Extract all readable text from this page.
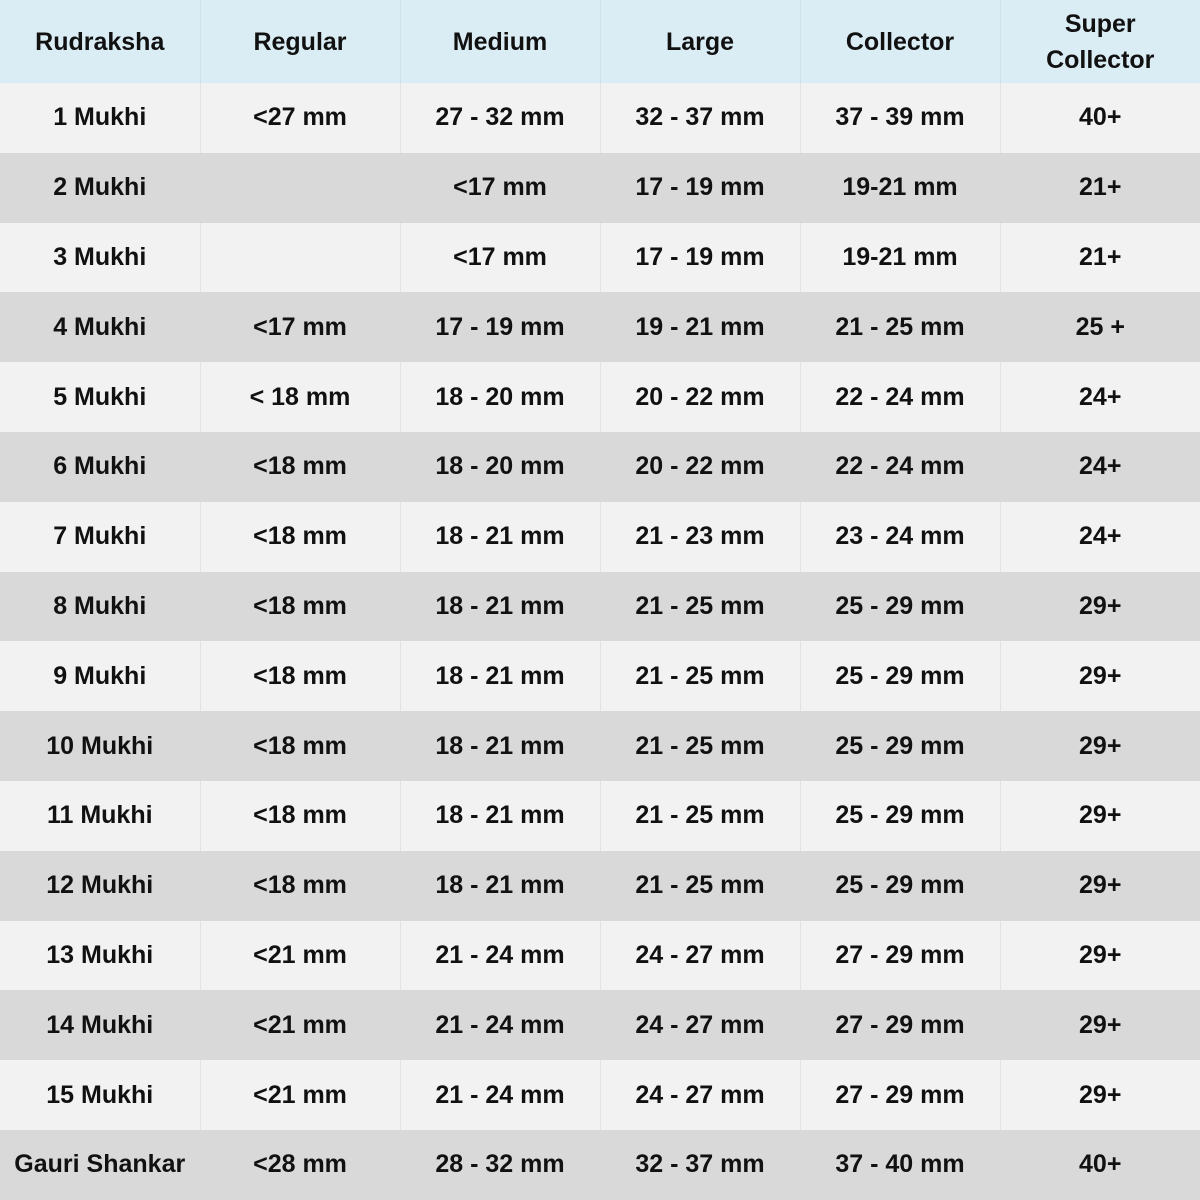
Rudraksha	Regular	Medium	Large	Collector	Super Collector
1 Mukhi	<27 mm	27 - 32 mm	32 - 37 mm	37 - 39 mm	40+
2 Mukhi		<17 mm	17 - 19 mm	19-21 mm	21+
3 Mukhi		<17 mm	17 - 19 mm	19-21 mm	21+
4 Mukhi	<17 mm	17 - 19 mm	19 - 21 mm	21 - 25 mm	25 +
5 Mukhi	< 18 mm	18 - 20 mm	20 - 22 mm	22 - 24 mm	24+
6 Mukhi	<18 mm	18 - 20 mm	20 - 22 mm	22 - 24 mm	24+
7 Mukhi	<18 mm	18 - 21 mm	21 - 23 mm	23 - 24 mm	24+
8 Mukhi	<18 mm	18 - 21 mm	21 - 25 mm	25 - 29 mm	29+
9 Mukhi	<18 mm	18 - 21 mm	21 - 25 mm	25 - 29 mm	29+
10 Mukhi	<18 mm	18 - 21 mm	21 - 25 mm	25 - 29 mm	29+
11 Mukhi	<18 mm	18 - 21 mm	21 - 25 mm	25 - 29 mm	29+
12 Mukhi	<18 mm	18 - 21 mm	21 - 25 mm	25 - 29 mm	29+
13 Mukhi	<21 mm	21 - 24 mm	24 - 27 mm	27 - 29 mm	29+
14 Mukhi	<21 mm	21 - 24 mm	24 - 27 mm	27 - 29 mm	29+
15 Mukhi	<21 mm	21 - 24 mm	24 - 27 mm	27 - 29 mm	29+
Gauri Shankar	<28 mm	28 - 32 mm	32 - 37 mm	37 - 40 mm	40+
